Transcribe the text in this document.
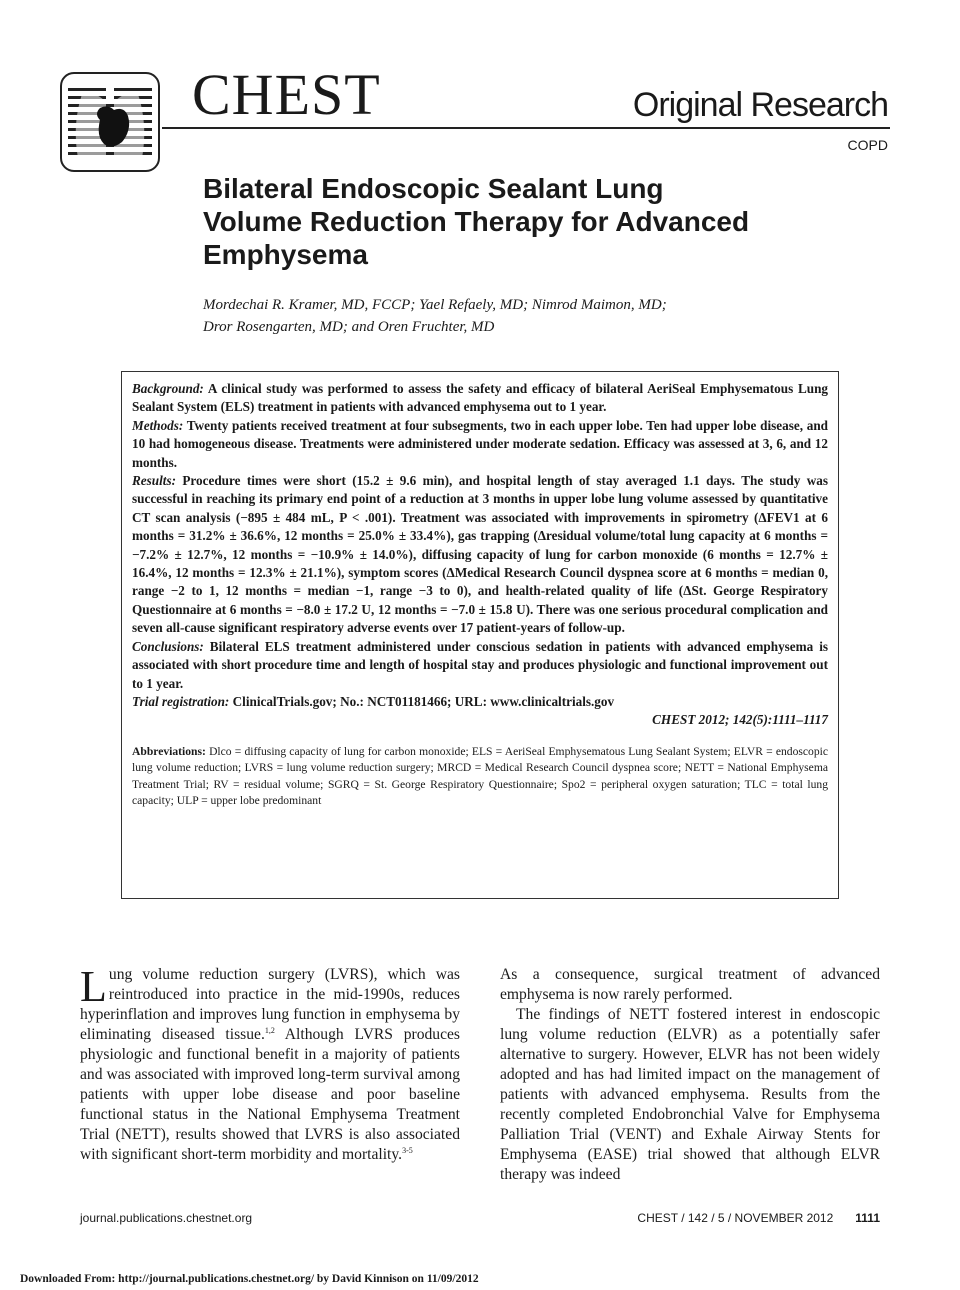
CHEST	Original Research
COPD
Bilateral Endoscopic Sealant Lung Volume Reduction Therapy for Advanced Emphysema
Mordechai R. Kramer, MD, FCCP; Yael Refaely, MD; Nimrod Maimon, MD;
Dror Rosengarten, MD; and Oren Fruchter, MD

Background: A clinical study was performed to assess the safety and efficacy of bilateral AeriSeal Emphysematous Lung Sealant System (ELS) treatment in patients with advanced emphysema out to 1 year.

Methods: Twenty patients received treatment at four subsegments, two in each upper lobe. Ten had upper lobe disease, and 10 had homogeneous disease. Treatments were administered under moderate sedation. Efficacy was assessed at 3, 6, and 12 months.

Results: Procedure times were short (15.2 ± 9.6 min), and hospital length of stay averaged 1.1 days. The study was successful in reaching its primary end point of a reduction at 3 months in upper lobe lung volume assessed by quantitative CT scan analysis (−895 ± 484 mL, P < .001). Treatment was associated with improvements in spirometry (ΔFEV1 at 6 months = 31.2% ± 36.6%, 12 months = 25.0% ± 33.4%), gas trapping (Δresidual volume/total lung capacity at 6 months = −7.2% ± 12.7%, 12 months = −10.9% ± 14.0%), diffusing capacity of lung for carbon monoxide (6 months = 12.7% ± 16.4%, 12 months = 12.3% ± 21.1%), symptom scores (ΔMedical Research Council dyspnea score at 6 months = median 0, range −2 to 1, 12 months = median −1, range −3 to 0), and health-related quality of life (ΔSt. George Respiratory Questionnaire at 6 months = −8.0 ± 17.2 U, 12 months = −7.0 ± 15.8 U). There was one serious procedural complication and seven all-cause significant respiratory adverse events over 17 patient-years of follow-up.

Conclusions: Bilateral ELS treatment administered under conscious sedation in patients with advanced emphysema is associated with short procedure time and length of hospital stay and produces physiologic and functional improvement out to 1 year.

Trial registration: ClinicalTrials.gov; No.: NCT01181466; URL: www.clinicaltrials.gov

CHEST 2012; 142(5):1111–1117

Abbreviations: Dlco = diffusing capacity of lung for carbon monoxide; ELS = AeriSeal Emphysematous Lung Sealant System; ELVR = endoscopic lung volume reduction; LVRS = lung volume reduction surgery; MRCD = Medical Research Council dyspnea score; NETT = National Emphysema Treatment Trial; RV = residual volume; SGRQ = St. George Respiratory Questionnaire; Spo2 = peripheral oxygen saturation; TLC = total lung capacity; ULP = upper lobe predominant

Lung volume reduction surgery (LVRS), which was reintroduced into practice in the mid-1990s, reduces hyperinflation and improves lung function in emphysema by eliminating diseased tissue.$^{1,2}$ Although LVRS produces physiologic and functional benefit in a majority of patients and was associated with improved long-term survival among patients with upper lobe disease and poor baseline functional status in the National Emphysema Treatment Trial (NETT), results showed that LVRS is also associated with significant short-term morbidity and mortality.$^{3-5}$

As a consequence, surgical treatment of advanced emphysema is now rarely performed.

The findings of NETT fostered interest in endoscopic lung volume reduction (ELVR) as a potentially safer alternative to surgery. However, ELVR has not been widely adopted and has had limited impact on the management of patients with advanced emphysema. Results from the recently completed Endobronchial Valve for Emphysema Palliation Trial (VENT) and Exhale Airway Stents for Emphysema (EASE) trial showed that although ELVR therapy was indeed

journal.publications.chestnet.org	CHEST / 142 / 5 / NOVEMBER 2012 1111
Downloaded From: http://journal.publications.chestnet.org/ by David Kinnison on 11/09/2012
